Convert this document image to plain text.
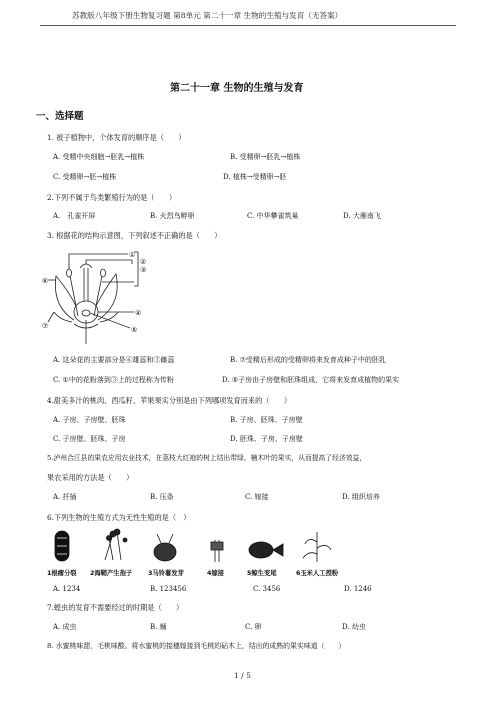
苏教版八年级下册生物复习题 第8单元 第二十一章 生物的生殖与发育（无答案）
第二十一章 生物的生殖与发育
一、选择题
1. 被子植物中，个体发育的顺序是（　　）
A. 受精中央细胞→胚乳→植株	B. 受精卵→胚乳→植株
C. 受精卵→胚→植株	D. 植株→受精卵→胚
2.下列不属于鸟类繁殖行为的是（　　）
A.　孔雀开屏	B. 火烈鸟孵卵	C. 中华攀雀筑巢	D. 大雁南飞
3. 根据花的结构示意图，下列叙述不正确的是（　　）
①
②
③
④
⑤
⑥
⑦
A. 这朵花的主要部分是⑥雄蕊和③雌蕊	B. ⑦受精后形成的受精卵将来发育成种子中的胚乳
C. ①中的花粉落到③上的过程称为传粉	D. ⑤子房由子房壁和胚珠组成，它将来发育成植物的果实
4.甜美多汁的桃肉、西瓜籽、苹果果实分别是由下列哪项发育而来的（　　）
A. 子房、子房壁、胚珠	B. 子房、胚珠、子房壁
C. 子房壁、胚珠、子房	D. 胚珠、子房、子房壁
5.泸州合江县的果农应用农业技术，在荔枝大红袍的树上结出带绿、楠木叶的果实，从而提高了经济效益，
果农采用的方法是（　　）
A. 扦插	B. 压条	C. 嫁接	D. 组织培养
6.下列生物的生殖方式为无性生殖的是（　）
1根瘤分裂 2海鞘产生孢子	3马铃薯发芽	4嫁接	5鲸生变尾	6玉米人工授粉
A. 1234	B. 123456	C. 3456	D. 1246
7.蝗虫的发育不需要经过的时期是（　　）
A. 成虫	B. 蛹	C. 卵	D. 幼虫
8. 水蜜桃味甜，毛桃味酸。将水蜜桃的接穗嫁接到毛桃的砧木上，结出的成熟的果实味道（　　）
1 / 5
